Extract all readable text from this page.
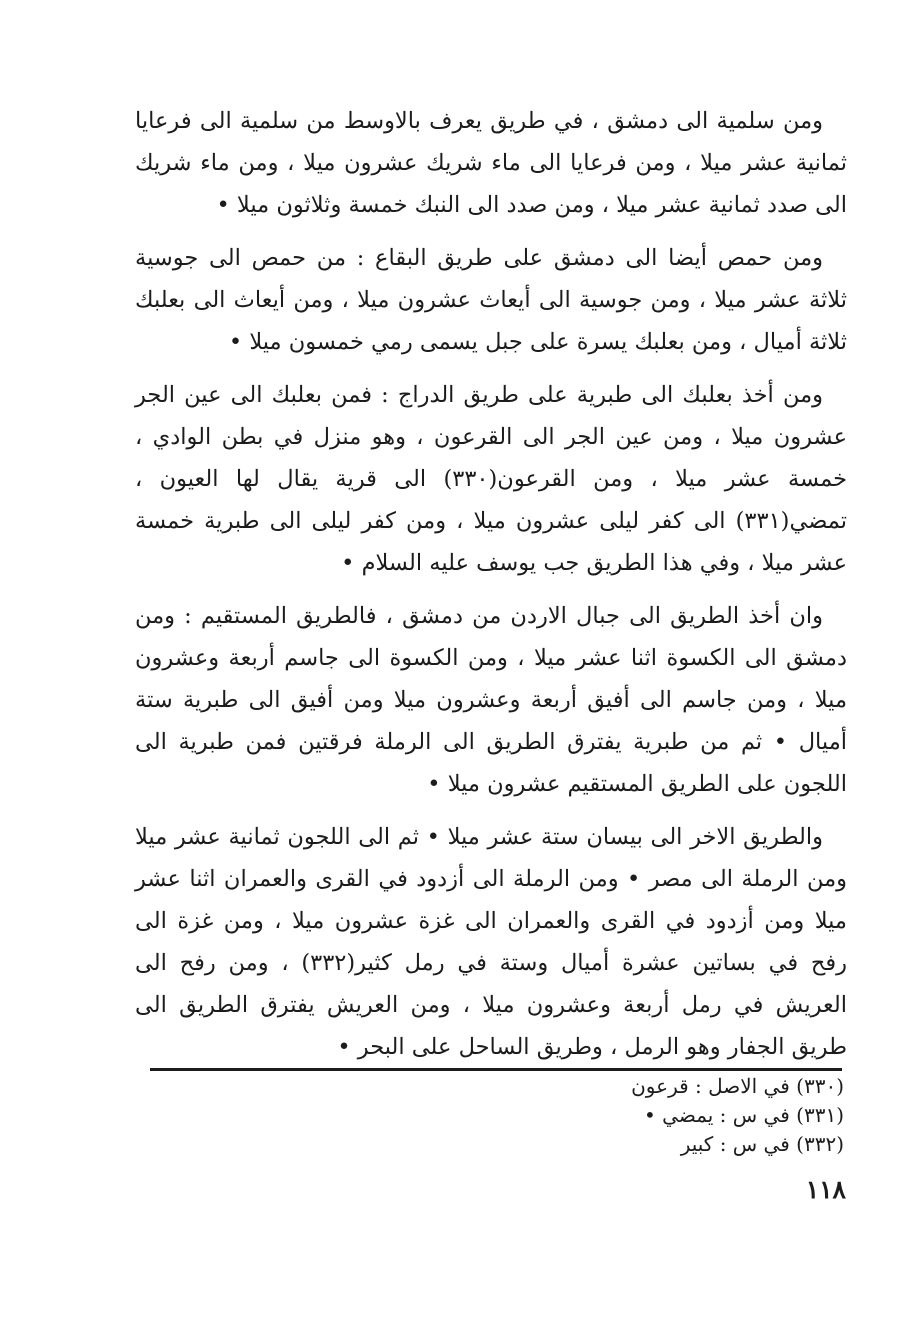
ومن سلمية الى دمشق ، في طريق يعرف بالاوسط من سلمية الى فرعايا ثمانية عشر ميلا ، ومن فرعايا الى ماء شريك عشرون ميلا ، ومن ماء شريك الى صدد ثمانية عشر ميلا ، ومن صدد الى النبك خمسة وثلاثون ميلا •

ومن حمص أيضا الى دمشق على طريق البقاع : من حمص الى جوسية ثلاثة عشر ميلا ، ومن جوسية الى أيعاث عشرون ميلا ، ومن أيعاث الى بعلبك ثلاثة أميال ، ومن بعلبك يسرة على جبل يسمى رمي خمسون ميلا •

ومن أخذ بعلبك الى طبرية على طريق الدراج : فمن بعلبك الى عين الجر عشرون ميلا ، ومن عين الجر الى القرعون ، وهو منزل في بطن الوادي ، خمسة عشر ميلا ، ومن القرعون(٣٣٠) الى قرية يقال لها العيون ، تمضي(٣٣١) الى كفر ليلى عشرون ميلا ، ومن كفر ليلى الى طبرية خمسة عشر ميلا ، وفي هذا الطريق جب يوسف عليه السلام •

وان أخذ الطريق الى جبال الاردن من دمشق ، فالطريق المستقيم : ومن دمشق الى الكسوة اثنا عشر ميلا ، ومن الكسوة الى جاسم أربعة وعشرون ميلا ، ومن جاسم الى أفيق أربعة وعشرون ميلا ومن أفيق الى طبرية ستة أميال • ثم من طبرية يفترق الطريق الى الرملة فرقتين فمن طبرية الى اللجون على الطريق المستقيم عشرون ميلا •

والطريق الاخر الى بيسان ستة عشر ميلا • ثم الى اللجون ثمانية عشر ميلا ومن الرملة الى مصر • ومن الرملة الى أزدود في القرى والعمران اثنا عشر ميلا ومن أزدود في القرى والعمران الى غزة عشرون ميلا ، ومن غزة الى رفح في بساتين عشرة أميال وستة في رمل كثير(٣٣٢) ، ومن رفح الى العريش في رمل أربعة وعشرون ميلا ، ومن العريش يفترق الطريق الى طريق الجفار وهو الرمل ، وطريق الساحل على البحر •

(٣٣٠) في الاصل : قرعون
(٣٣١) في س : يمضي •
(٣٣٢) في س : كبير
١١٨
